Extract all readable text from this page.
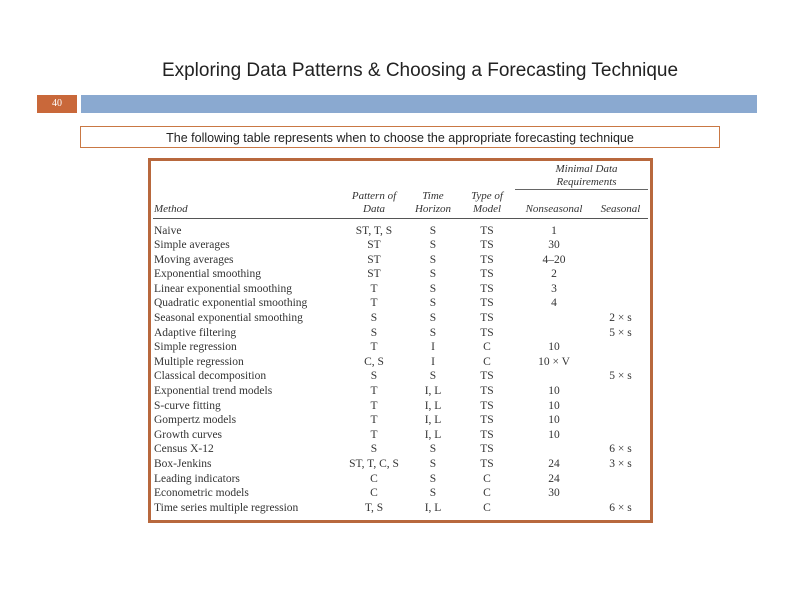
Exploring Data Patterns & Choosing a Forecasting Technique
40
The following table represents when to choose the appropriate forecasting technique
				Minimal Data Requirements	
Method	Pattern of Data	Time Horizon	Type of Model	Nonseasonal	Seasonal
Naive	ST, T, S	S	TS	1	
Simple averages	ST	S	TS	30	
Moving averages	ST	S	TS	4–20	
Exponential smoothing	ST	S	TS	2	
Linear exponential smoothing	T	S	TS	3	
Quadratic exponential smoothing	T	S	TS	4	
Seasonal exponential smoothing	S	S	TS		2 × s
Adaptive filtering	S	S	TS		5 × s
Simple regression	T	I	C	10	
Multiple regression	C, S	I	C	10 × V	
Classical decomposition	S	S	TS		5 × s
Exponential trend models	T	I, L	TS	10	
S-curve fitting	T	I, L	TS	10	
Gompertz models	T	I, L	TS	10	
Growth curves	T	I, L	TS	10	
Census X-12	S	S	TS		6 × s
Box-Jenkins	ST, T, C, S	S	TS	24	3 × s
Leading indicators	C	S	C	24	
Econometric models	C	S	C	30	
Time series multiple regression	T, S	I, L	C		6 × s
